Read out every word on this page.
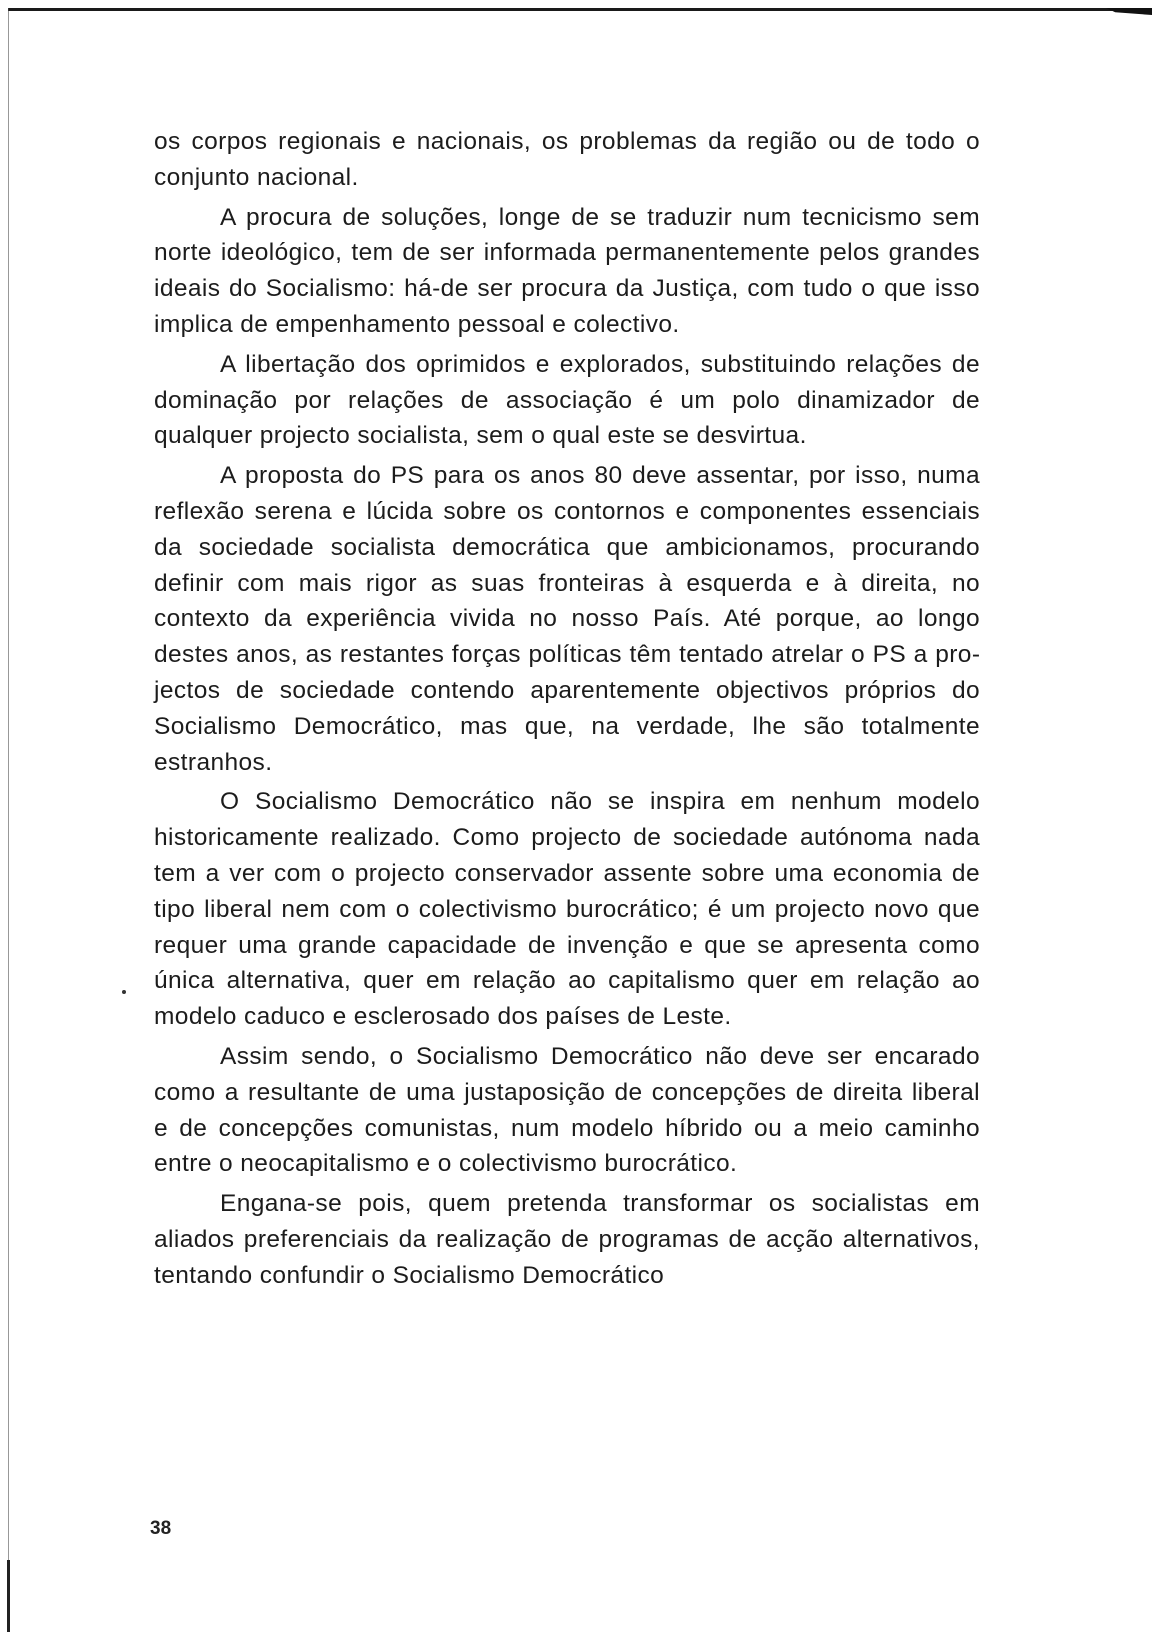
os corpos regionais e nacionais, os problemas da região ou de todo o conjunto nacional.

A procura de soluções, longe de se traduzir num tecnicismo sem norte ideológico, tem de ser informada permanentemente pelos grandes ideais do Socialismo: há-de ser procura da Justiça, com tudo o que isso implica de empenhamento pessoal e colectivo.

A libertação dos oprimidos e explorados, substituindo relações de dominação por relações de associação é um polo dinamizador de qualquer projecto socialista, sem o qual este se desvirtua.

A proposta do PS para os anos 80 deve assentar, por isso, numa reflexão serena e lúcida sobre os contornos e componentes essenciais da sociedade socialista democrática que ambicionamos, procurando definir com mais rigor as suas fronteiras à esquerda e à direita, no contexto da experiência vivida no nosso País. Até porque, ao longo destes anos, as restantes forças políticas têm tentado atrelar o PS a projectos de sociedade contendo aparentemente objectivos próprios do Socialismo Democrático, mas que, na verdade, lhe são totalmente estranhos.

O Socialismo Democrático não se inspira em nenhum modelo historicamente realizado. Como projecto de sociedade autónoma nada tem a ver com o projecto conservador assente sobre uma economia de tipo liberal nem com o colectivismo burocrático; é um projecto novo que requer uma grande capacidade de invenção e que se apresenta como única alternativa, quer em relação ao capitalismo quer em relação ao modelo caduco e esclerosado dos países de Leste.

Assim sendo, o Socialismo Democrático não deve ser encarado como a resultante de uma justaposição de concepções de direita liberal e de concepções comunistas, num modelo híbrido ou a meio caminho entre o neocapitalismo e o colectivismo burocrático.

Engana-se pois, quem pretenda transformar os socialistas em aliados preferenciais da realização de programas de acção alternativos, tentando confundir o Socialismo Democrático

38
